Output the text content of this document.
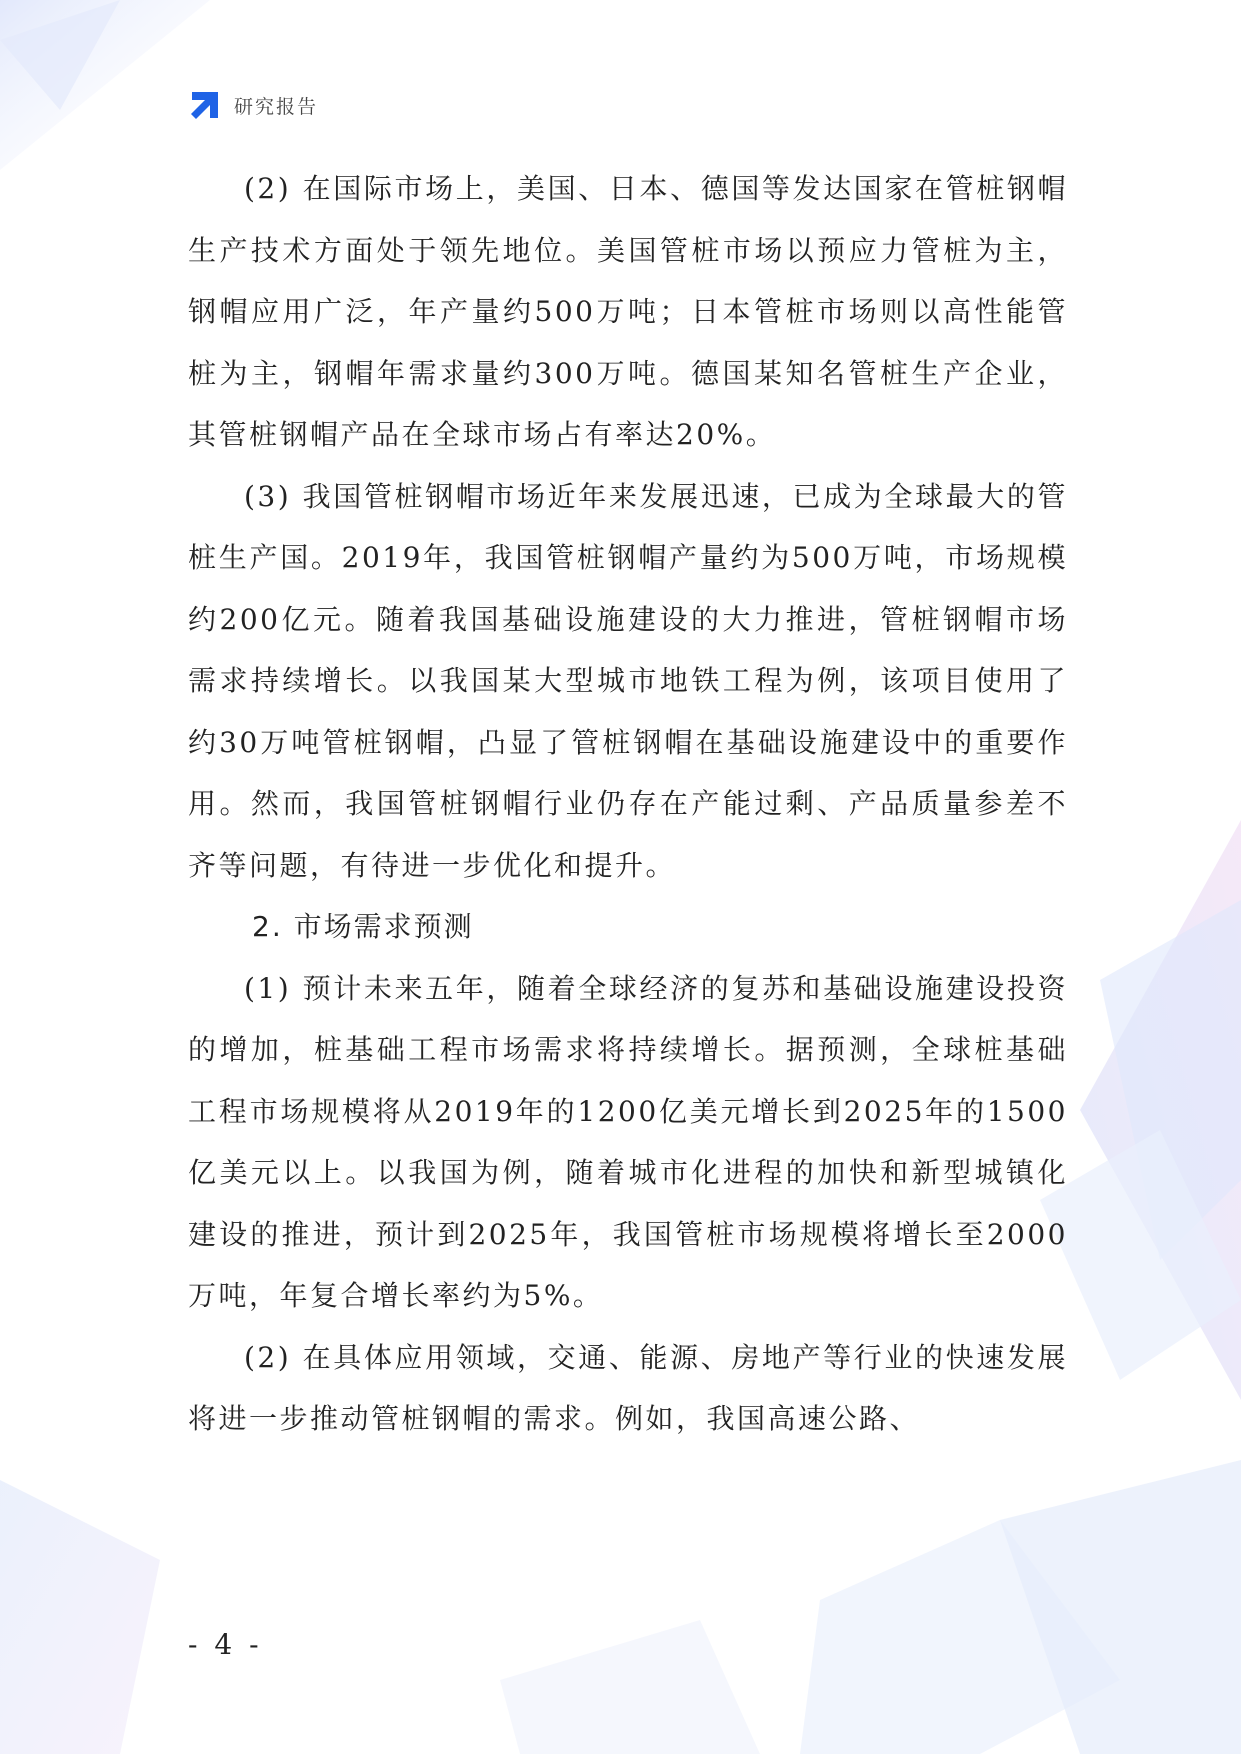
研究报告

(2) 在国际市场上，美国、日本、德国等发达国家在管桩钢帽生产技术方面处于领先地位。美国管桩市场以预应力管桩为主，钢帽应用广泛，年产量约500万吨；日本管桩市场则以高性能管桩为主，钢帽年需求量约300万吨。德国某知名管桩生产企业，其管桩钢帽产品在全球市场占有率达20%。

(3) 我国管桩钢帽市场近年来发展迅速，已成为全球最大的管桩生产国。2019年，我国管桩钢帽产量约为500万吨，市场规模约200亿元。随着我国基础设施建设的大力推进，管桩钢帽市场需求持续增长。以我国某大型城市地铁工程为例，该项目使用了约30万吨管桩钢帽，凸显了管桩钢帽在基础设施建设中的重要作用。然而，我国管桩钢帽行业仍存在产能过剩、产品质量参差不齐等问题，有待进一步优化和提升。

2. 市场需求预测

(1) 预计未来五年，随着全球经济的复苏和基础设施建设投资的增加，桩基础工程市场需求将持续增长。据预测，全球桩基础工程市场规模将从2019年的1200亿美元增长到2025年的1500亿美元以上。以我国为例，随着城市化进程的加快和新型城镇化建设的推进，预计到2025年，我国管桩市场规模将增长至2000万吨，年复合增长率约为5%。

(2) 在具体应用领域，交通、能源、房地产等行业的快速发展将进一步推动管桩钢帽的需求。例如，我国高速公路、

- 4 -
